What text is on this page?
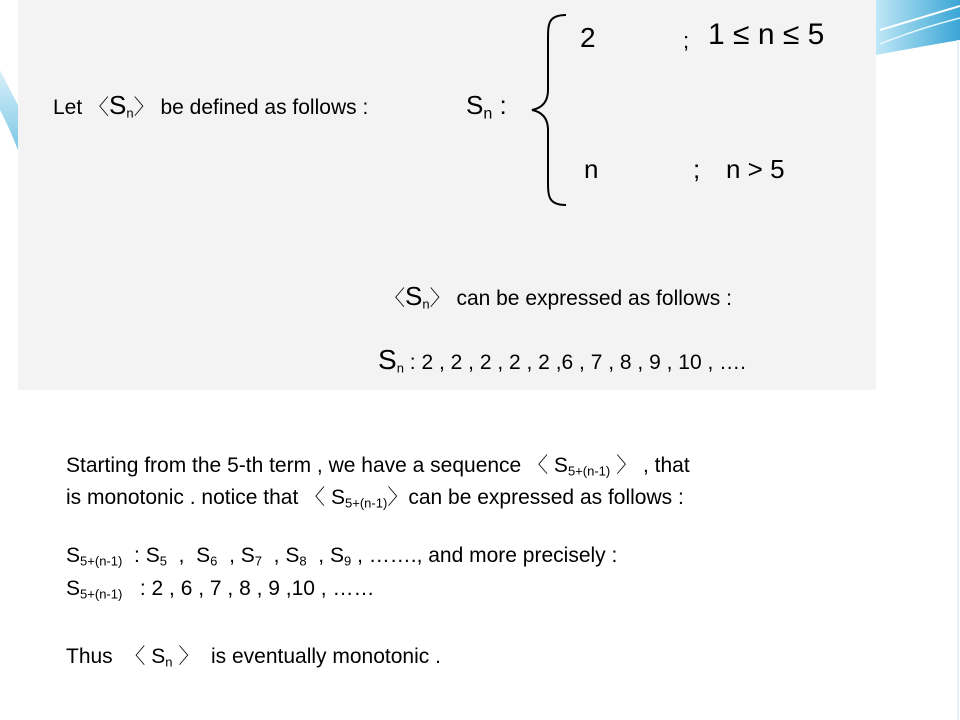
Let 〈$S_n$〉 be defined as follows :	$S_n$ :
2	; 1 ≤ n ≤ 5
n	; n > 5
〈$S_n$〉 can be expressed as follows :
$S_n$ : 2 , 2 , 2 , 2 , 2 ,6 , 7 , 8 , 9 , 10 , ….
Starting from the 5-th term , we have a sequence 〈 $S_{5+(n-1)}$ 〉 , that
is monotonic . notice that 〈 $S_{5+(n-1)}$〉can be expressed as follows :
$S_{5+(n-1)}$  : $S_5$  ,  $S_6$  , $S_7$  , $S_8$  , $S_9$ , ……., and more precisely :
$S_{5+(n-1)}$ : 2 , 6 , 7 , 8 , 9 ,10 , ……
Thus 〈 $S_n$ 〉 is eventually monotonic .
